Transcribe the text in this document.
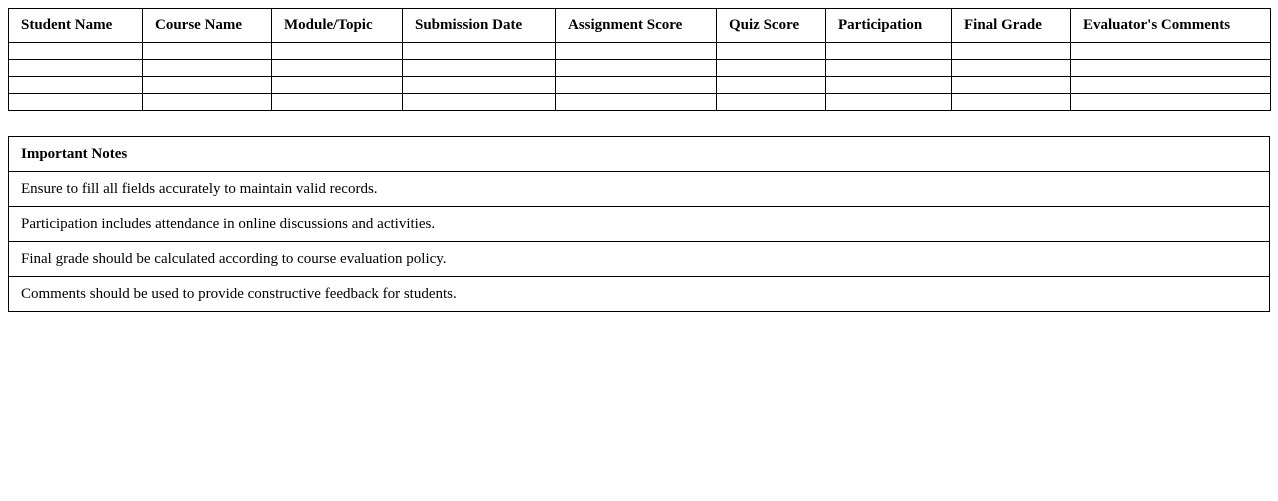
Student Name	Course Name	Module/Topic	Submission Date	Assignment Score	Quiz Score	Participation	Final Grade	Evaluator's Comments

Important Notes
Ensure to fill all fields accurately to maintain valid records.
Participation includes attendance in online discussions and activities.
Final grade should be calculated according to course evaluation policy.
Comments should be used to provide constructive feedback for students.
